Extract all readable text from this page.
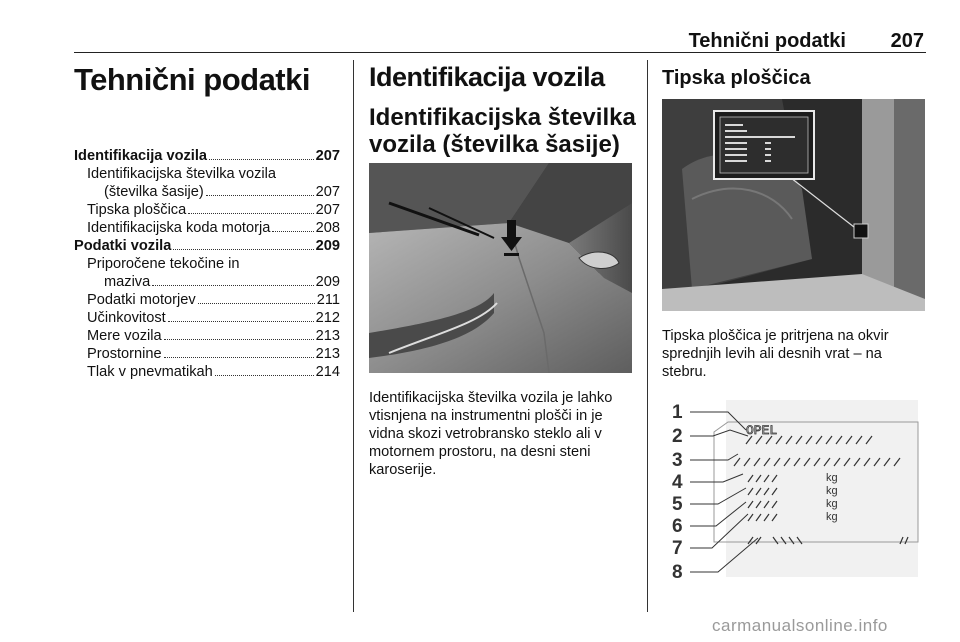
Tehnični podatki 207
Tehnični podatki
Identifikacija vozila	207
Identifikacijska številka vozila
(številka šasije)	207
Tipska ploščica	207
Identifikacijska koda motorja	208
Podatki vozila	209
Priporočene tekočine in
maziva	209
Podatki motorjev	211
Učinkovitost	212
Mere vozila	213
Prostornine	213
Tlak v pnevmatikah	214
Identifikacija vozila
Identifikacijska številka
vozila (številka šasije)
Identifikacijska številka vozila je lahko vtisnjena na instrumentni plošči in je vidna skozi vetrobransko steklo ali v motornem prostoru, na desni steni karoserije.
Tipska ploščica
Tipska ploščica je pritrjena na okvir sprednjih levih ali desnih vrat – na stebru.
1
2
3
4
5
6
7
8
OPEL
kg
kg
kg
kg
carmanualsonline.info
